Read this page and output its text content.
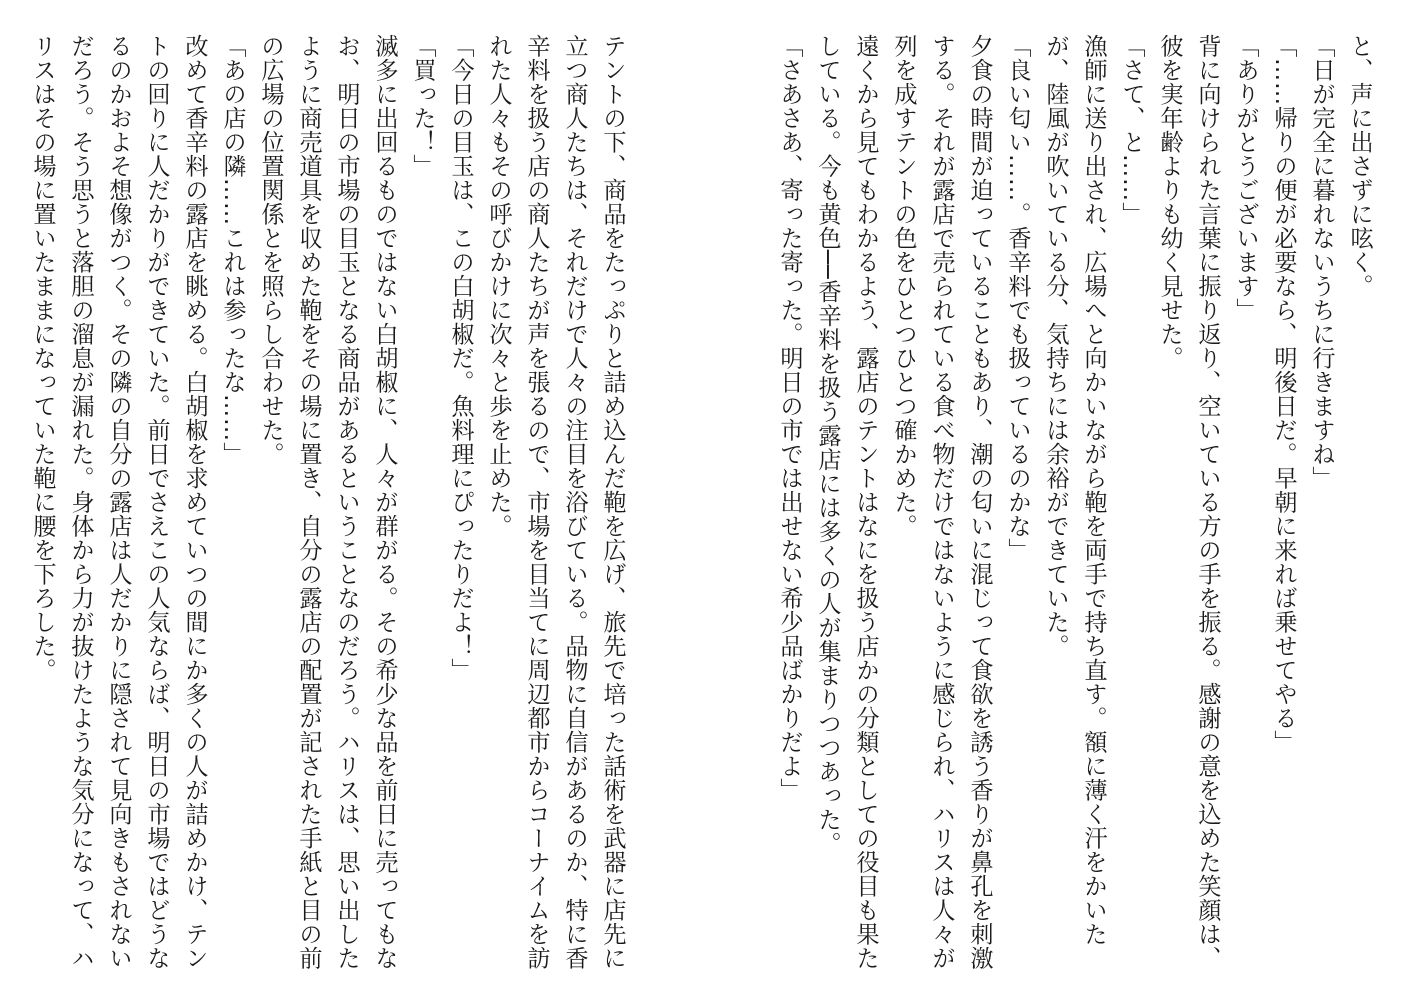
と、声に出さずに呟く。

「日が完全に暮れないうちに行きますね」

「……帰りの便が必要なら、明後日だ。早朝に来れば乗せてやる」

「ありがとうございます」

背に向けられた言葉に振り返り、空いている方の手を振る。感謝の意を込めた笑顔は、彼を実年齢よりも幼く見せた。

「さて、と……」

漁師に送り出され、広場へと向かいながら鞄を両手で持ち直す。額に薄く汗をかいたが、陸風が吹いている分、気持ちには余裕ができていた。

「良い匂い……。香辛料でも扱っているのかな」

夕食の時間が迫っていることもあり、潮の匂いに混じって食欲を誘う香りが鼻孔を刺激する。それが露店で売られている食べ物だけではないように感じられ、ハリスは人々が列を成すテントの色をひとつひとつ確かめた。

遠くから見てもわかるよう、露店のテントはなにを扱う店かの分類としての役目も果たしている。今も黄色──香辛料を扱う露店には多くの人が集まりつつあった。

「さあさあ、寄った寄った。明日の市では出せない希少品ばかりだよ」

テントの下、商品をたっぷりと詰め込んだ鞄を広げ、旅先で培った話術を武器に店先に立つ商人たちは、それだけで人々の注目を浴びている。品物に自信があるのか、特に香辛料を扱う店の商人たちが声を張るので、市場を目当てに周辺都市からコーナイムを訪れた人々もその呼びかけに次々と歩を止めた。

「今日の目玉は、この白胡椒だ。魚料理にぴったりだよ！」

「買った！」

滅多に出回るものではない白胡椒に、人々が群がる。その希少な品を前日に売ってもなお、明日の市場の目玉となる商品があるということなのだろう。ハリスは、思い出したように商売道具を収めた鞄をその場に置き、自分の露店の配置が記された手紙と目の前の広場の位置関係とを照らし合わせた。

「あの店の隣……これは参ったな……」

改めて香辛料の露店を眺める。白胡椒を求めていつの間にか多くの人が詰めかけ、テントの回りに人だかりができていた。前日でさえこの人気ならば、明日の市場ではどうなるのかおよそ想像がつく。その隣の自分の露店は人だかりに隠されて見向きもされないだろう。そう思うと落胆の溜息が漏れた。身体から力が抜けたような気分になって、ハリスはその場に置いたままになっていた鞄に腰を下ろした。
